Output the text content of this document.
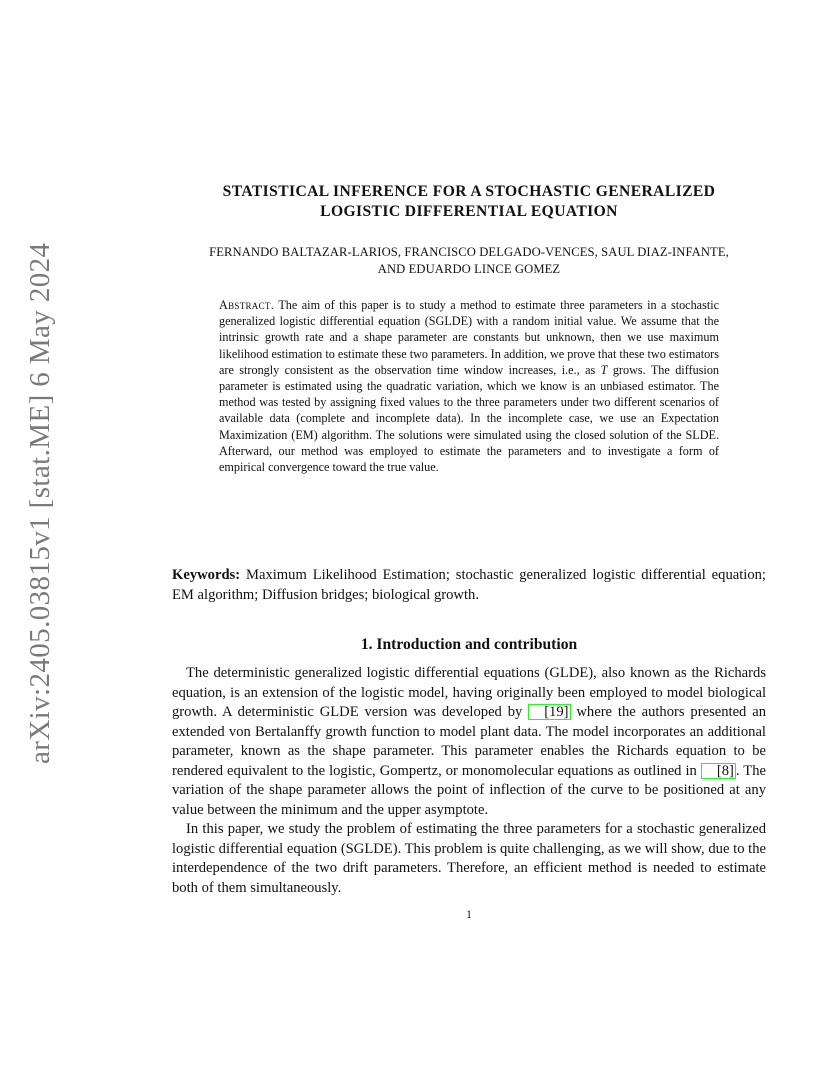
arXiv:2405.03815v1 [stat.ME] 6 May 2024
STATISTICAL INFERENCE FOR A STOCHASTIC GENERALIZED
LOGISTIC DIFFERENTIAL EQUATION
FERNANDO BALTAZAR-LARIOS, FRANCISCO DELGADO-VENCES, SAUL DIAZ-INFANTE,
AND EDUARDO LINCE GOMEZ
Abstract. The aim of this paper is to study a method to estimate three parameters in a stochastic generalized logistic differential equation (SGLDE) with a random initial value. We assume that the intrinsic growth rate and a shape parameter are constants but unknown, then we use maximum likelihood estimation to estimate these two parameters. In addition, we prove that these two estimators are strongly consistent as the observation time window increases, i.e., as T grows. The diffusion parameter is estimated using the quadratic variation, which we know is an unbiased estimator. The method was tested by assigning fixed values to the three parameters under two different scenarios of available data (complete and incomplete data). In the incomplete case, we use an Expectation Maximization (EM) algorithm. The solutions were simulated using the closed solution of the SLDE. Afterward, our method was employed to estimate the parameters and to investigate a form of empirical convergence toward the true value.
Keywords: Maximum Likelihood Estimation; stochastic generalized logistic differential equation; EM algorithm; Diffusion bridges; biological growth.
1. Introduction and contribution

The deterministic generalized logistic differential equations (GLDE), also known as the Richards equation, is an extension of the logistic model, having originally been employed to model biological growth. A deterministic GLDE version was developed by [19] where the authors presented an extended von Bertalanffy growth function to model plant data. The model incorporates an additional parameter, known as the shape parameter. This parameter enables the Richards equation to be rendered equivalent to the logistic, Gompertz, or monomolecular equations as outlined in [8] . The variation of the shape parameter allows the point of inflection of the curve to be positioned at any value between the minimum and the upper asymptote.

In this paper, we study the problem of estimating the three parameters for a stochastic generalized logistic differential equation (SGLDE). This problem is quite challenging, as we will show, due to the interdependence of the two drift parameters. Therefore, an efficient method is needed to estimate both of them simultaneously.

1
